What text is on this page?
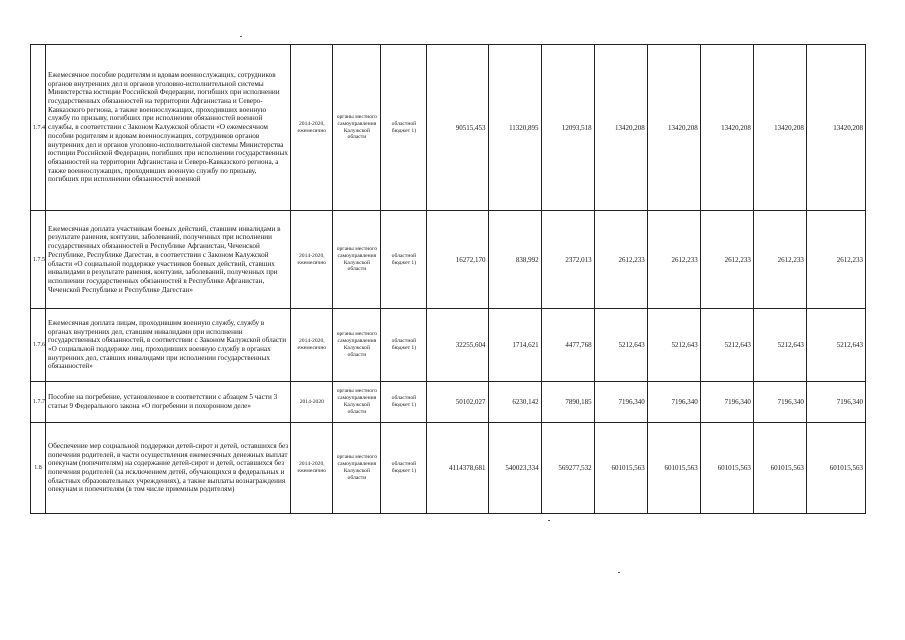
1.7.4	Ежемесячное пособие родителям и вдовам военнослужащих, сотрудников органов внутренних дел и органов уголовно-исполнительной системы Министерства юстиции Российской Федерации, погибших при исполнении государственных обязанностей на территории Афганистана и Северо-Кавказского региона, а также военнослужащих, проходивших военную службу по призыву, погибших при исполнении обязанностей военной службы, в соответствии с Законом Калужской области «О ежемесячном пособии родителям и вдовам военнослужащих, сотрудников органов внутренних дел и органов уголовно-исполнительной системы Министерства юстиции Российской Федерации, погибших при исполнении государственных обязанностей на территории Афганистана и Северо-Кавказского региона, а также военнослужащих, проходивших военную службу по призыву, погибших при исполнении обязанностей военной	2014-2020, ежемесячно	органы местного самоуправления Калужской области	областной бюджет 1)	90515,453	11320,895	12093,518	13420,208	13420,208	13420,208	13420,208	13420,208
1.7.5	Ежемесячная доплата участникам боевых действий, ставшим инвалидами в результате ранения, контузии, заболеваний, полученных при исполнении государственных обязанностей в Республике Афганистан, Чеченской Республике, Республике Дагестан, в соответствии с Законом Калужской области «О социальной поддержке участников боевых действий, ставших инвалидами в результате ранения, контузии, заболеваний, полученных при исполнении государственных обязанностей в Республике Афганистан, Чеченской Республике и Республике Дагестан»	2014-2020, ежемесячно	органы местного самоуправления Калужской области	областной бюджет 1)	16272,170	838,992	2372,013	2612,233	2612,233	2612,233	2612,233	2612,233
1.7.6	Ежемесячная доплата лицам, проходившим военную службу, службу в органах внутренних дел, ставшим инвалидами при исполнении государственных обязанностей, в соответствии с Законом Калужской области «О социальной поддержке лиц, проходивших военную службу в органах внутренних дел, ставших инвалидами при исполнении государственных обязанностей»	2014-2020, ежемесячно	органы местного самоуправления Калужской области	областной бюджет 1)	32255,604	1714,621	4477,768	5212,643	5212,643	5212,643	5212,643	5212,643
1.7.7	Пособие на погребение, установленное в соответствии с абзацем 5 части 3 статьи 9 Федерального закона «О погребении и похоронном деле»	2014-2020	органы местного самоуправления Калужской области	областной бюджет 1)	50102,027	6230,142	7890,185	7196,340	7196,340	7196,340	7196,340	7196,340
1.8	Обеспечение мер социальной поддержки детей-сирот и детей, оставшихся без попечения родителей, в части осуществления ежемесячных денежных выплат опекунам (попечителям) на содержание детей-сирот и детей, оставшихся без попечения родителей (за исключением детей, обучающихся в федеральных и областных образовательных учреждениях), а также выплаты вознаграждения опекунам и попечителям (в том числе приемным родителям)	2014-2020, ежемесячно	органы местного самоуправления Калужской области	областной бюджет 1)	4114378,681	540023,334	569277,532	601015,563	601015,563	601015,563	601015,563	601015,563
